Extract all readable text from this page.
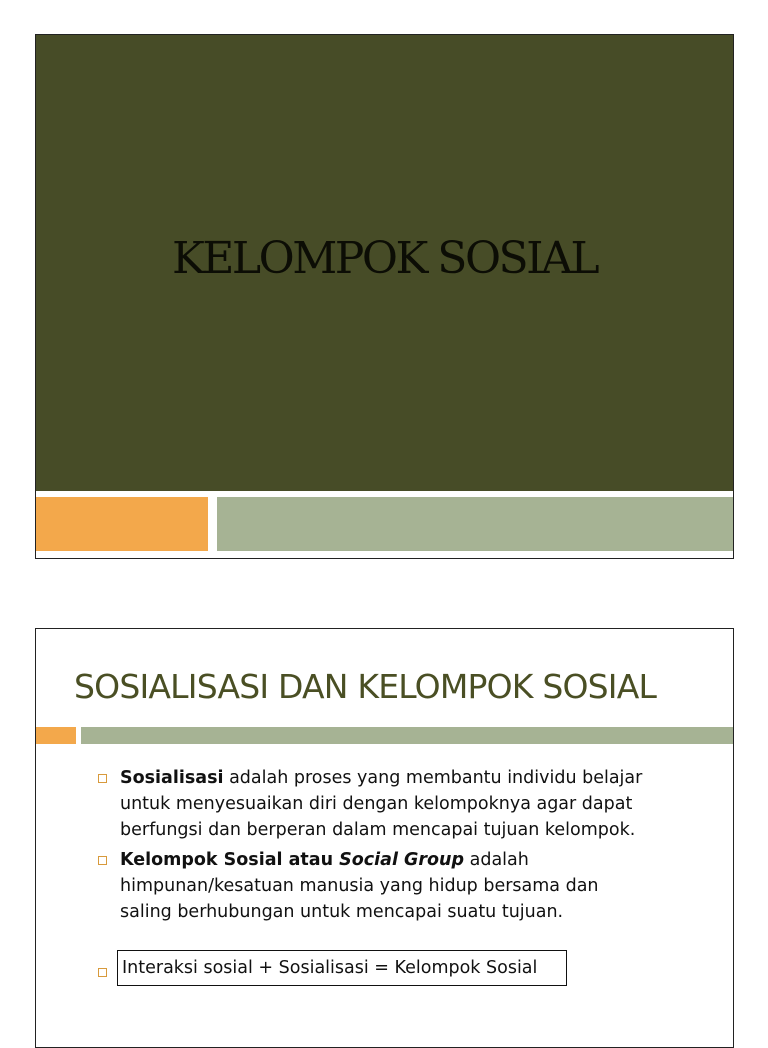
KELOMPOK SOSIAL
SOSIALISASI DAN KELOMPOK SOSIAL
Sosialisasi adalah proses yang membantu individu belajar
untuk menyesuaikan diri dengan kelompoknya agar dapat
berfungsi dan berperan dalam mencapai tujuan kelompok.
Kelompok Sosial atau Social Group adalah
himpunan/kesatuan manusia yang hidup bersama dan
saling berhubungan untuk mencapai suatu tujuan.
Interaksi sosial + Sosialisasi = Kelompok Sosial
